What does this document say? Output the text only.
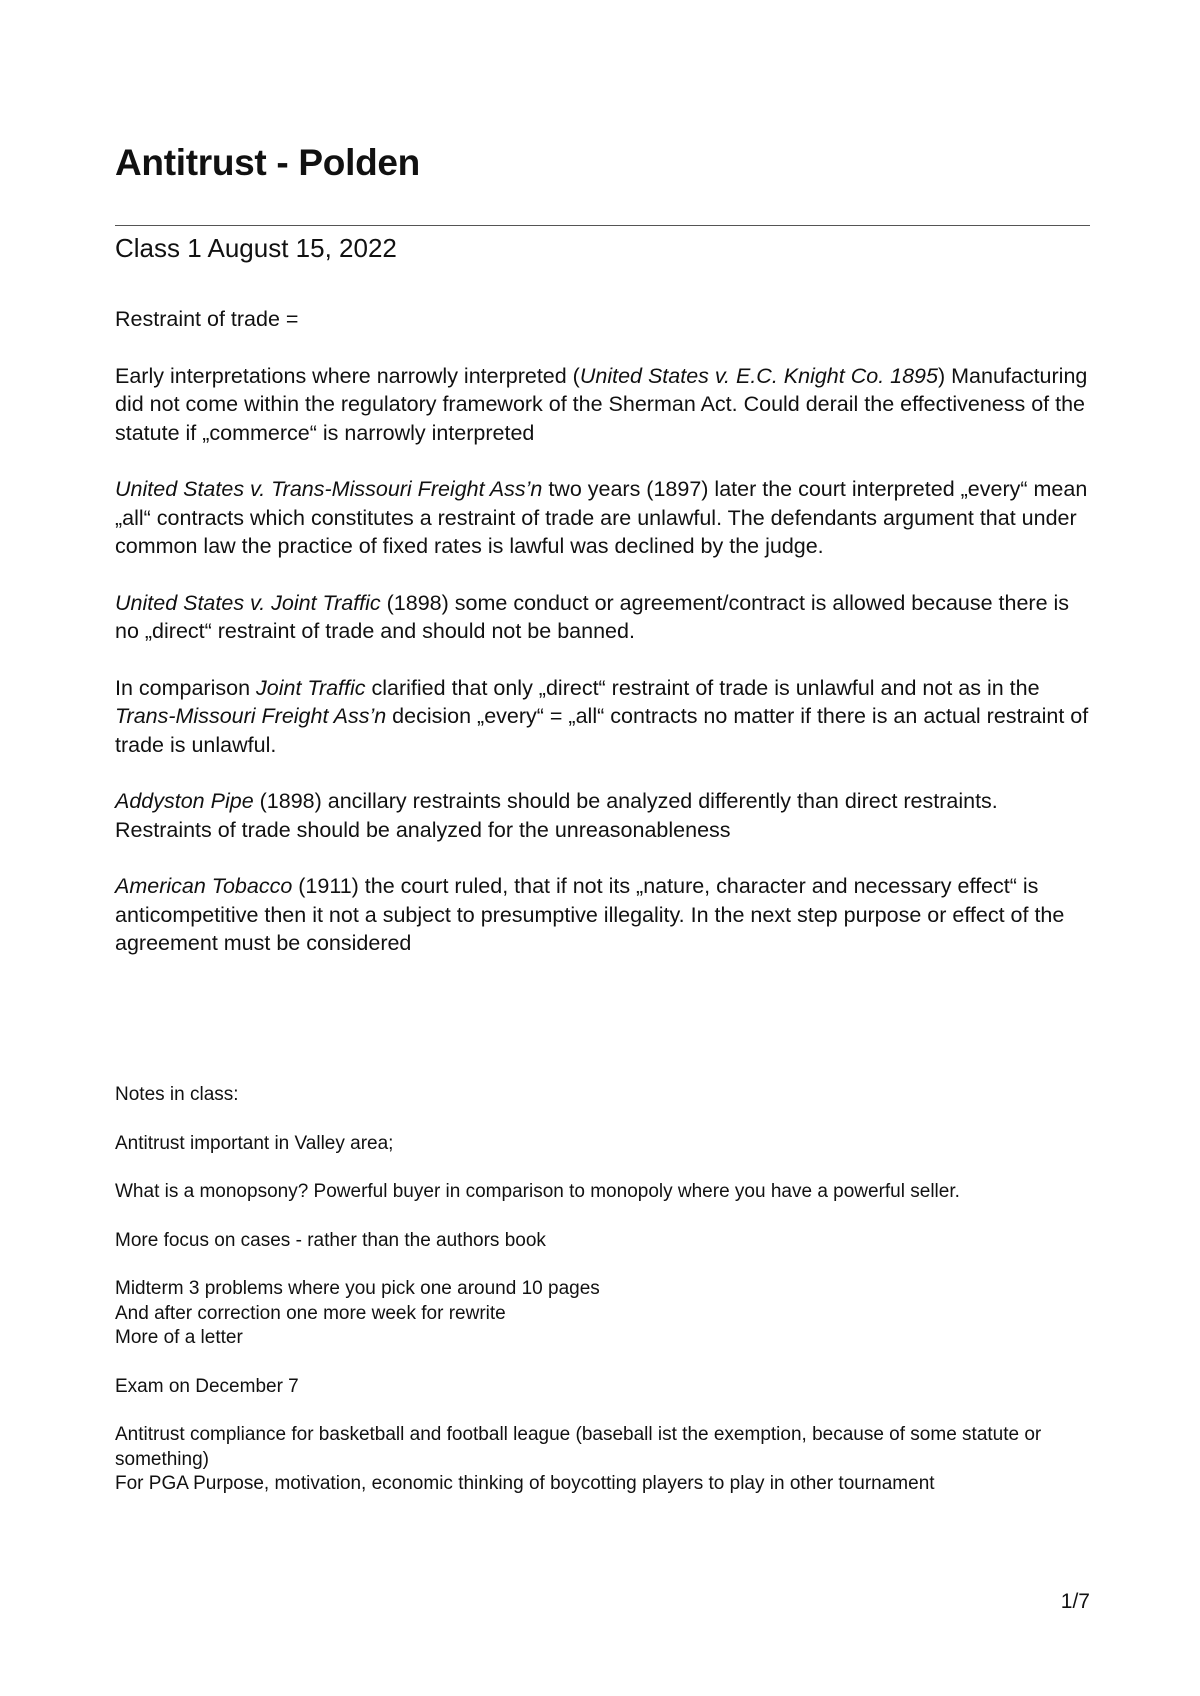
Antitrust - Polden
Class 1 August 15, 2022

Restraint of trade =

Early interpretations where narrowly interpreted (United States v. E.C. Knight Co. 1895) Manufacturing did not come within the regulatory framework of the Sherman Act. Could derail the effectiveness of the statute if „commerce“ is narrowly interpreted

United States v. Trans-Missouri Freight Ass’n two years (1897) later the court interpreted „every“ mean „all“ contracts which constitutes a restraint of trade are unlawful. The defendants argument that under common law the practice of fixed rates is lawful was declined by the judge.

United States v. Joint Traffic (1898) some conduct or agreement/contract is allowed because there is no „direct“ restraint of trade and should not be banned.

In comparison Joint Traffic clarified that only „direct“ restraint of trade is unlawful and not as in the Trans-Missouri Freight Ass’n decision „every“ = „all“ contracts no matter if there is an actual restraint of trade is unlawful.

Addyston Pipe (1898) ancillary restraints should be analyzed differently than direct restraints. Restraints of trade should be analyzed for the unreasonableness

American Tobacco (1911) the court ruled, that if not its „nature, character and necessary effect“ is anticompetitive then it not a subject to presumptive illegality. In the next step purpose or effect of the agreement must be considered

Notes in class:

Antitrust important in Valley area;

What is a monopsony? Powerful buyer in comparison to monopoly where you have a powerful seller.

More focus on cases - rather than the authors book

Midterm 3 problems where you pick one around 10 pages
And after correction one more week for rewrite
More of a letter

Exam on December 7

Antitrust compliance for basketball and football league (baseball ist the exemption, because of some statute or something)
For PGA Purpose, motivation, economic thinking of boycotting players to play in other tournament

1/7
